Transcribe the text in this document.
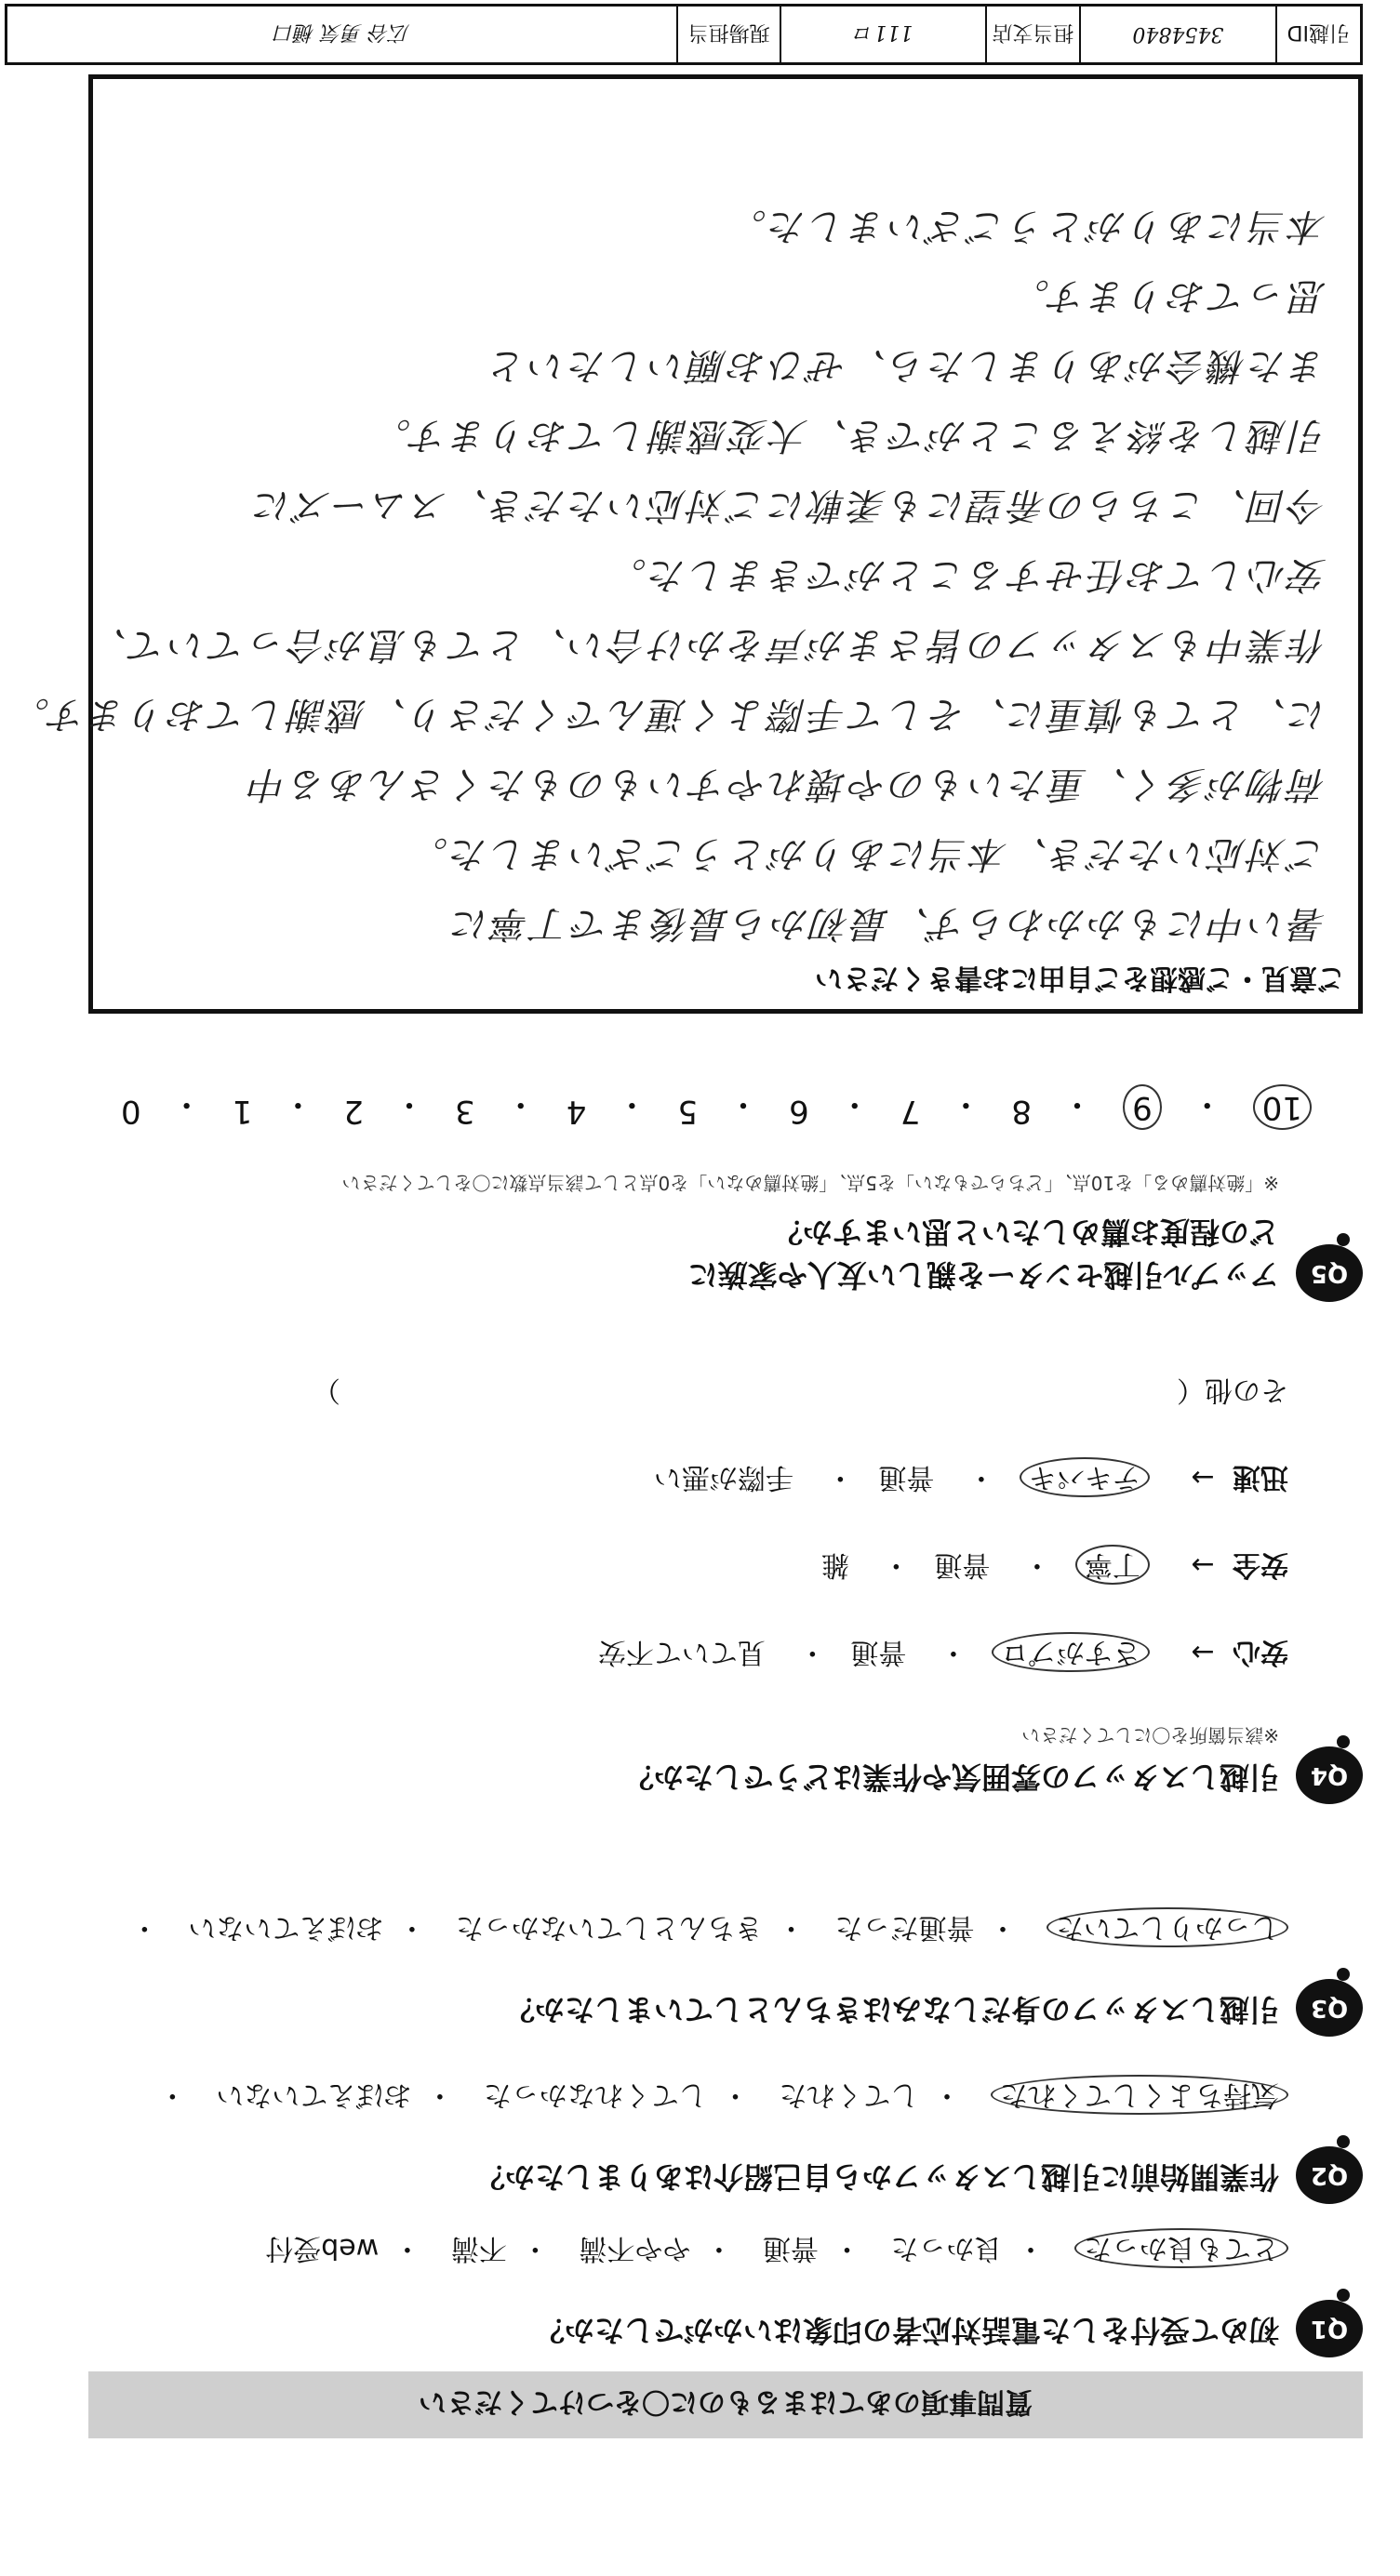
質問事項のあてはまるものに〇をつけてください
Q1
初めて受付をした電話対応者の印象はいかがでしたか？
とても良かった・ 良かった・ 普通・ やや不満・ 不満・ web受付
Q2
作業開始前に引越しスタッフから自己紹介はありましたか？
気持ちよくしてくれた・ してくれた・ してくれなかった・ おぼえていない・
Q3
引越しスタッフの身だしなみはきちんとしていましたか？
しっかりしていた・ 普通だった・ きちんとしていなかった・ おぼえていない・
Q4
引越しスタッフの雰囲気や作業はどうでしたか？
※該当箇所を〇にしてください
安心 → さすがプロ・ 普通・ 見ていて不安
安全 → 丁寧・ 普通・ 雑
迅速 → テキパキ・ 普通・ 手際が悪い
その他（  ）
Q5
アップル引越センターを親しい友人や家族に
どの程度お薦めしたいと思いますか？
※「絶対薦める」を10点、「どちらでもない」を5点、「絶対薦めない」を0点として該当点数に〇をしてください
10
・
9
・
8
・
7
・
6
・
5
・
4
・
3
・
2
・
1
・
0
ご意見・ご感想をご自由にお書きください
暑い中にもかかわらず、最初から最後まで丁寧に
ご対応いただき、本当にありがとうございました。
荷物が多く、重たいものや壊れやすいものもたくさんある中
に、とても慎重に、そして手際よく運んでくださり、感謝しております。
作業中もスタッフの皆さまが声をかけ合い、とても息が合っていて、
安心してお任せすることができました。
今回、こちらの希望にも柔軟にご対応いただき、スムーズに
引越しを終えることができ、大変感謝しております。
また機会がありましたら、ぜひお願いしたいと
思っております。
本当にありがとうございました。
引越ID
3454840
担当支店
111ロ
現場担当
広谷 勇気 樋口
